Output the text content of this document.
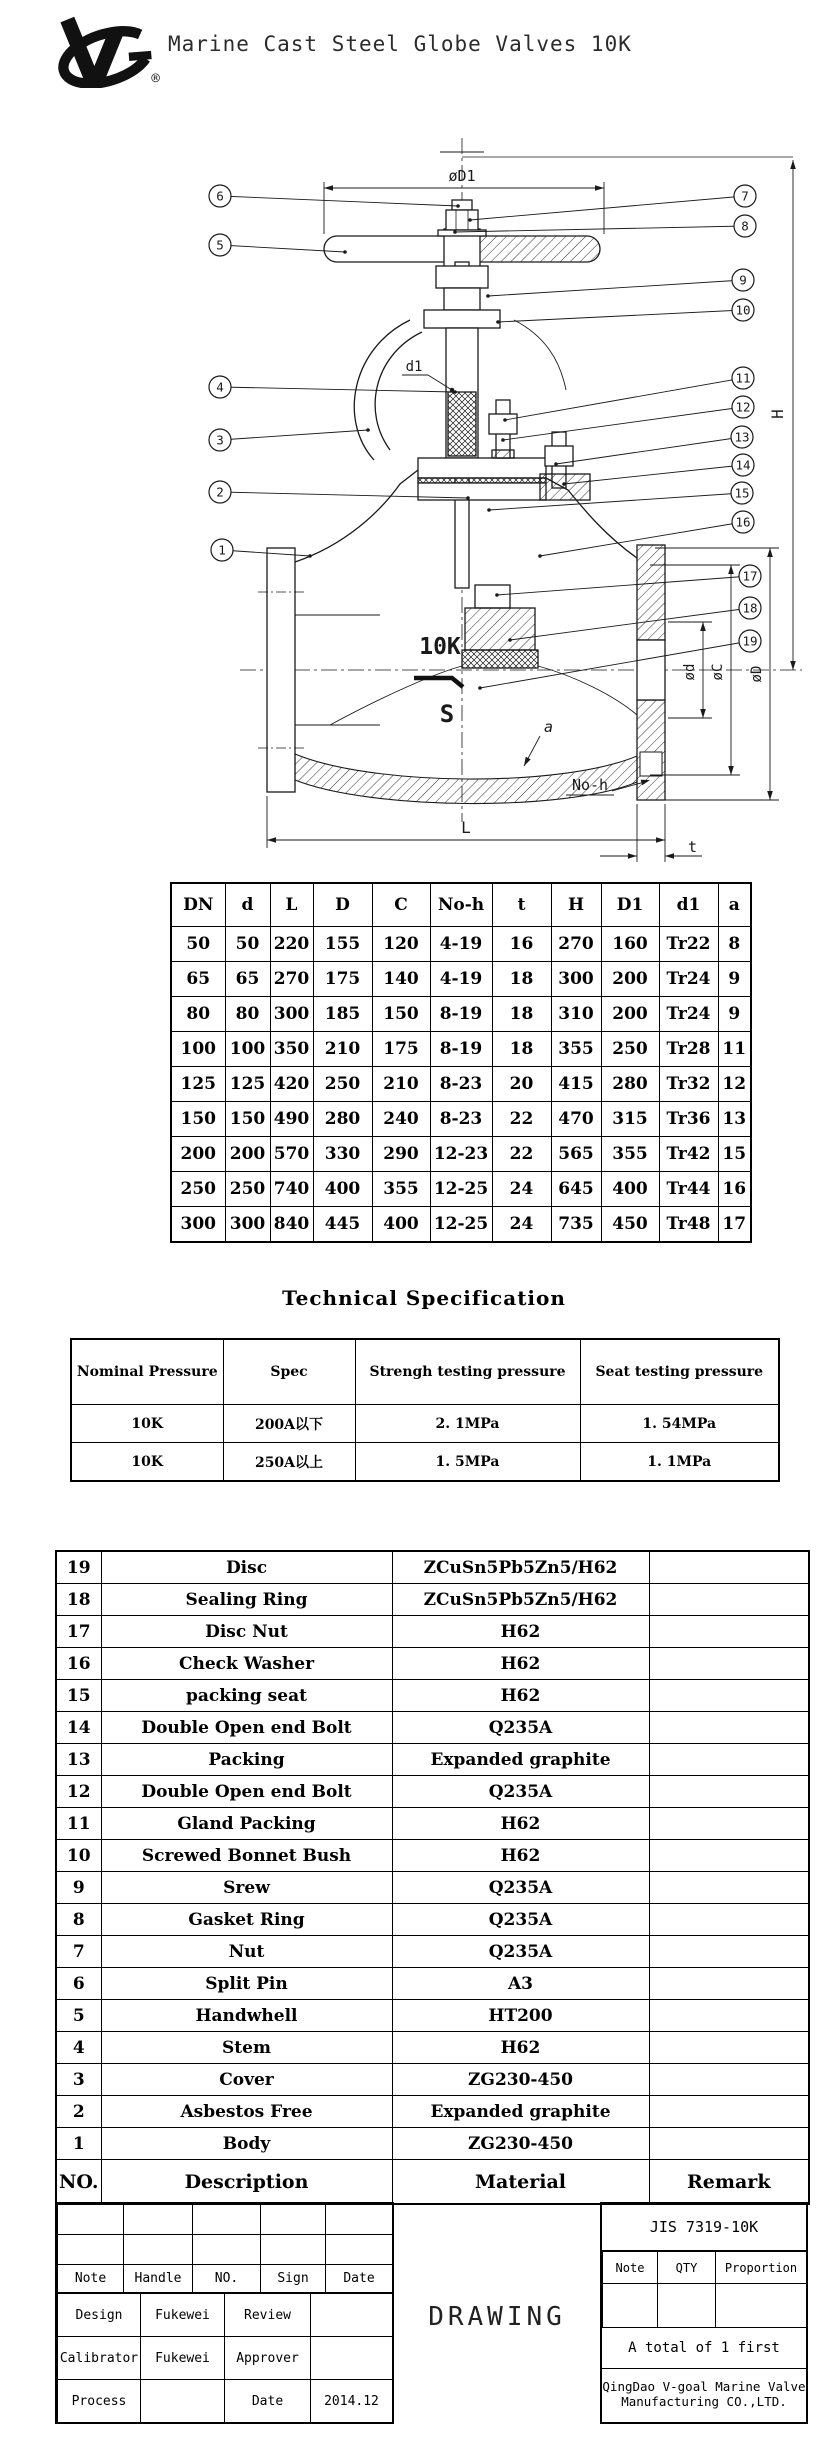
®
Marine Cast Steel Globe Valves 10K
øD1
d1
H
ød øC øD
10K
S	a
No-h
L
t
1
2
3
4
5
6	7
8
9
10
11
12
13
14
15
16
17
18
19
DN	d	L	D	C	No-h	t	H	D1	d1	a
50	50	220	155	120	4-19	16	270	160	Tr22	8
65	65	270	175	140	4-19	18	300	200	Tr24	9
80	80	300	185	150	8-19	18	310	200	Tr24	9
100	100	350	210	175	8-19	18	355	250	Tr28	11
125	125	420	250	210	8-23	20	415	280	Tr32	12
150	150	490	280	240	8-23	22	470	315	Tr36	13
200	200	570	330	290	12-23	22	565	355	Tr42	15
250	250	740	400	355	12-25	24	645	400	Tr44	16
300	300	840	445	400	12-25	24	735	450	Tr48	17
Technical Specification
Nominal Pressure	Spec	Strengh testing pressure	Seat testing pressure
10K	200A以下	2. 1MPa	1. 54MPa
10K	250A以上	1. 5MPa	1. 1MPa
19	Disc	ZCuSn5Pb5Zn5/H62	
18	Sealing Ring	ZCuSn5Pb5Zn5/H62	
17	Disc Nut	H62	
16	Check Washer	H62	
15	packing seat	H62	
14	Double Open end Bolt	Q235A	
13	Packing	Expanded graphite	
12	Double Open end Bolt	Q235A	
11	Gland Packing	H62	
10	Screwed Bonnet Bush	H62	
9	Srew	Q235A	
8	Gasket Ring	Q235A	
7	Nut	Q235A	
6	Split Pin	A3	
5	Handwhell	HT200	
4	Stem	H62	
3	Cover	ZG230-450	
2	Asbestos Free	Expanded graphite	
1	Body	ZG230-450	
NO.	Description	Material	Remark

Note	Handle	NO.	Sign	Date
Design	Fukewei	Review	
Calibrator	Fukewei	Approver	
Process		Date	2014.12
DRAWING
JIS 7319-10K
Note	QTY	Proportion

A total of 1 first
QingDao V-goal Marine Valve
Manufacturing CO.,LTD.
